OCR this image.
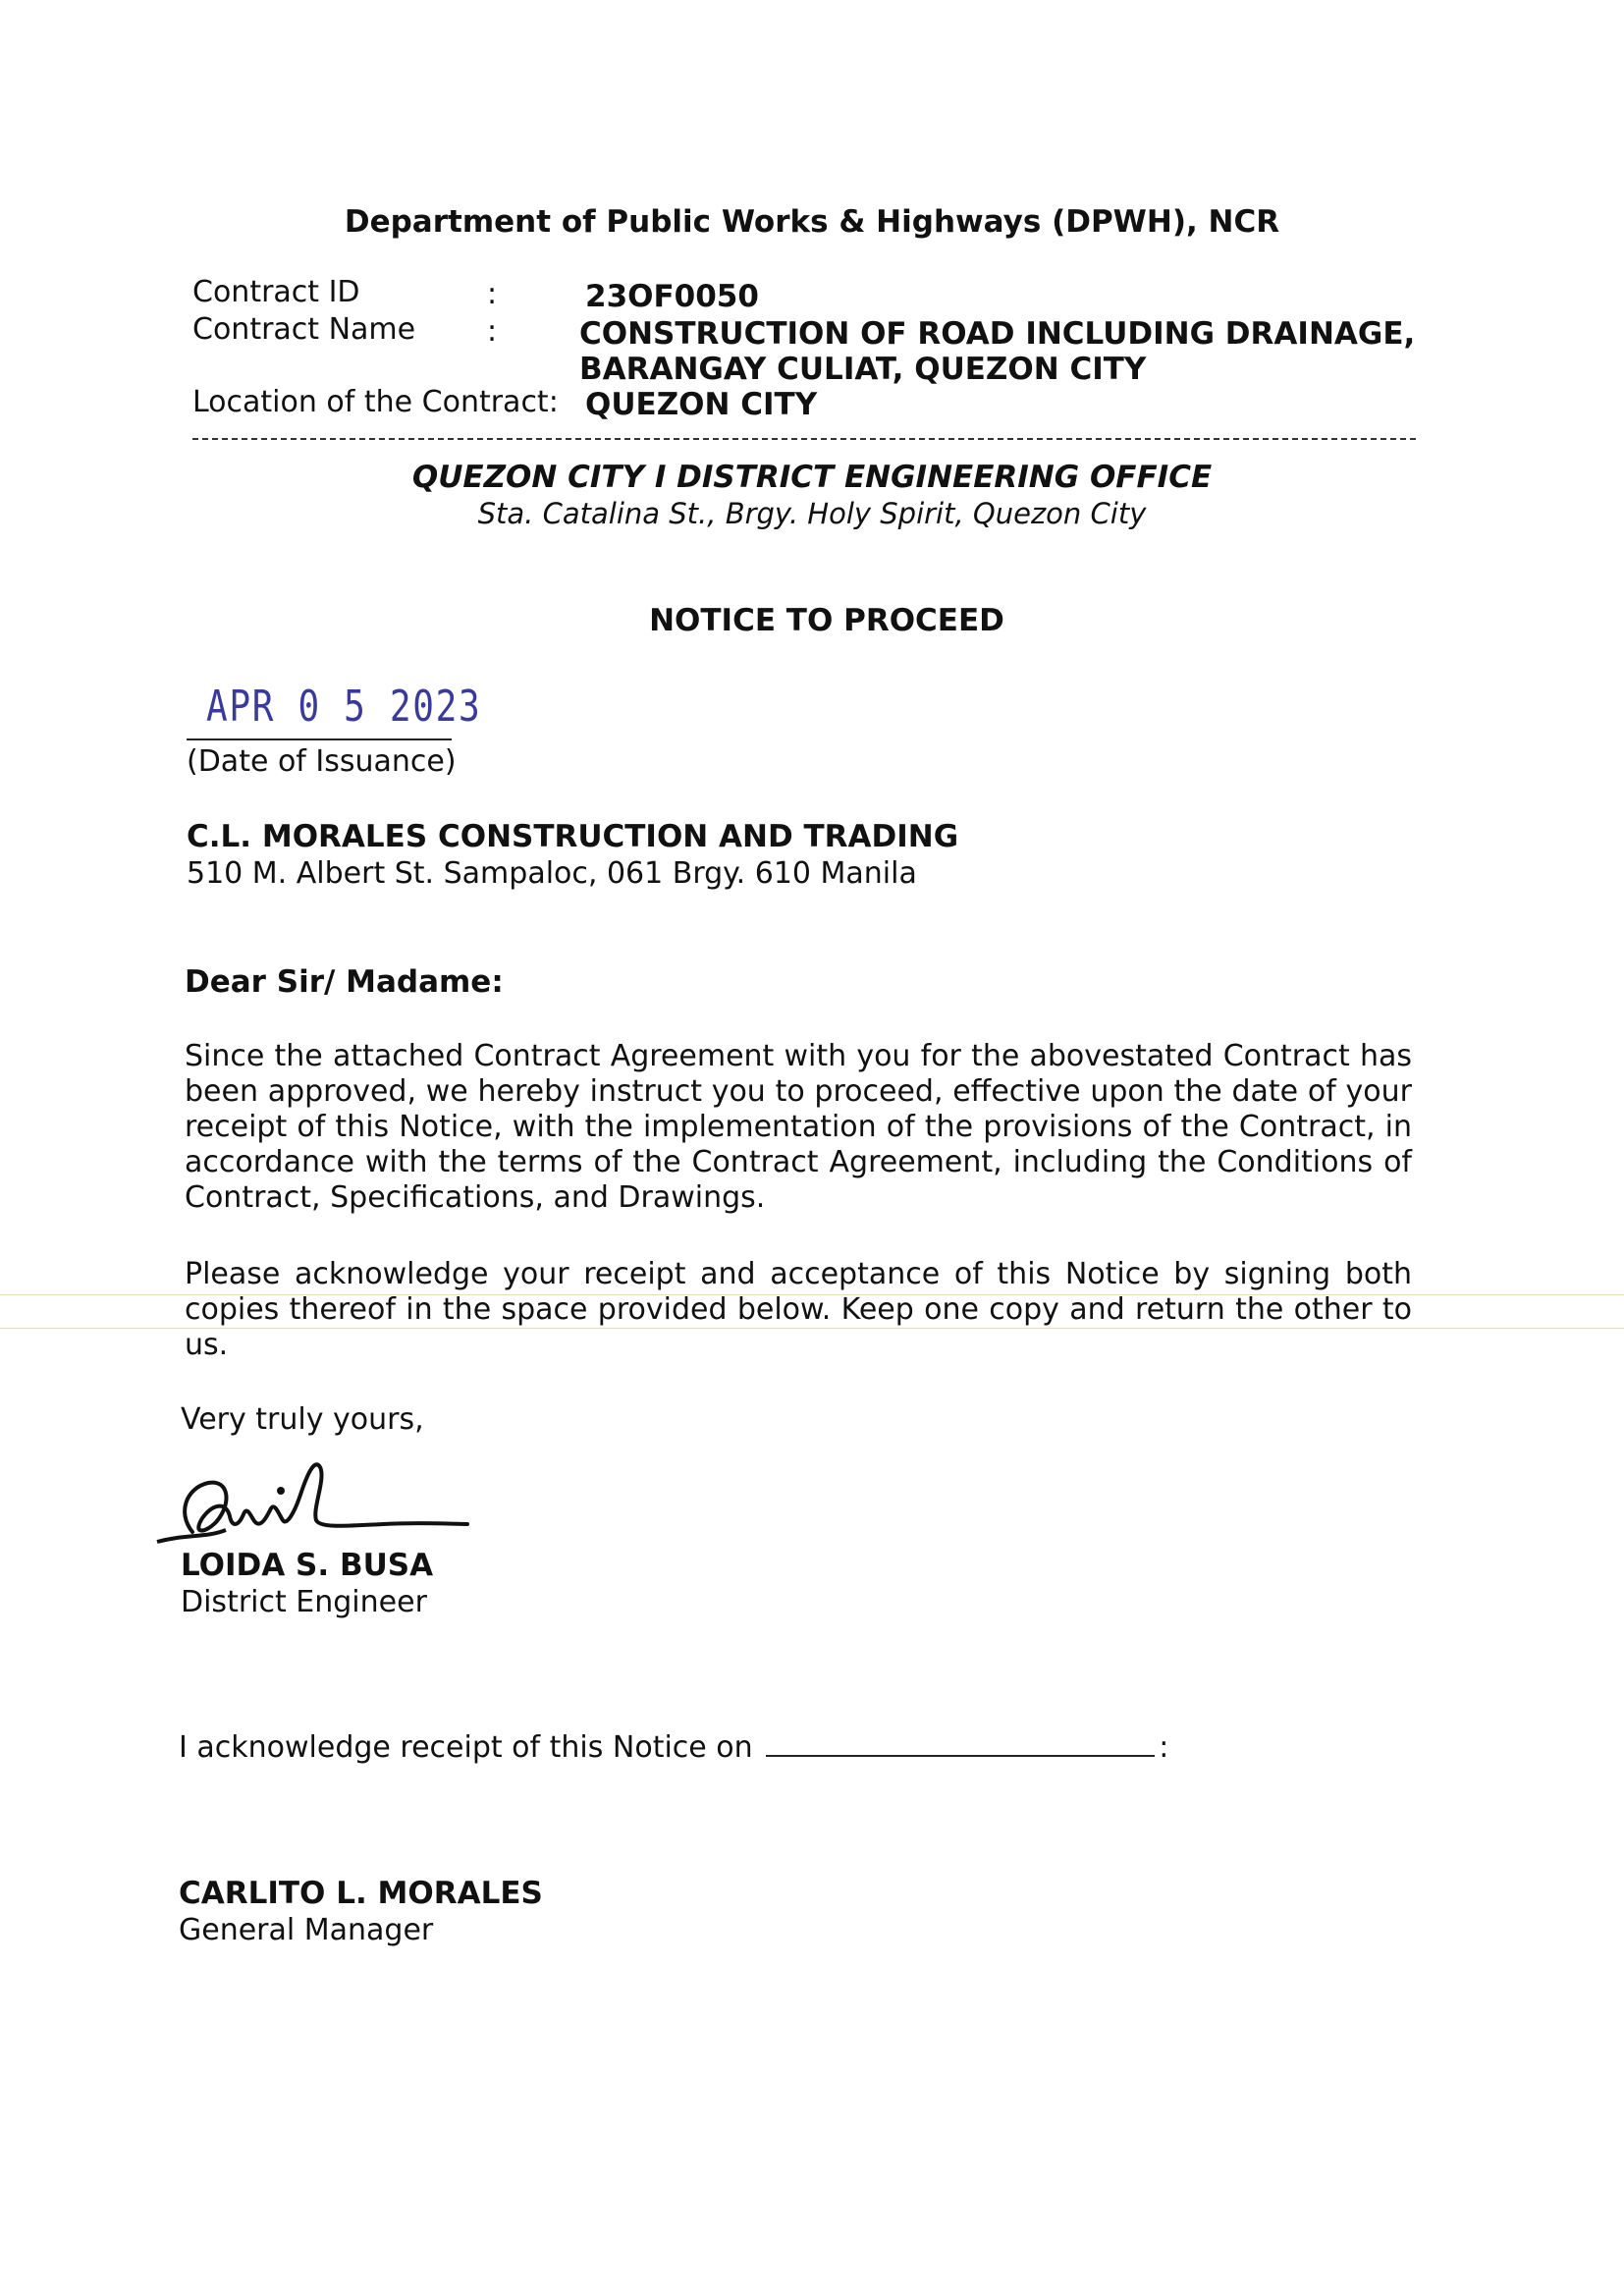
Department of Public Works & Highways (DPWH), NCR
Contract ID	:	23OF0050
Contract Name :	CONSTRUCTION OF ROAD INCLUDING DRAINAGE,
BARANGAY CULIAT, QUEZON CITY
Location of the Contract: QUEZON CITY
QUEZON CITY I DISTRICT ENGINEERING OFFICE
Sta. Catalina St., Brgy. Holy Spirit, Quezon City
NOTICE TO PROCEED
APR 0 5 2023
(Date of Issuance)
C.L. MORALES CONSTRUCTION AND TRADING
510 M. Albert St. Sampaloc, 061 Brgy. 610 Manila
Dear Sir/ Madame:
Since the attached Contract Agreement with you for the abovestated Contract has been approved, we hereby instruct you to proceed, effective upon the date of your receipt of this Notice, with the implementation of the provisions of the Contract, in accordance with the terms of the Contract Agreement, including the Conditions of Contract, Specifications, and Drawings.
Please acknowledge your receipt and acceptance of this Notice by signing both copies thereof in the space provided below. Keep one copy and return the other to us.
Very truly yours,
LOIDA S. BUSA
District Engineer
I acknowledge receipt of this Notice on	:
CARLITO L. MORALES
General Manager
